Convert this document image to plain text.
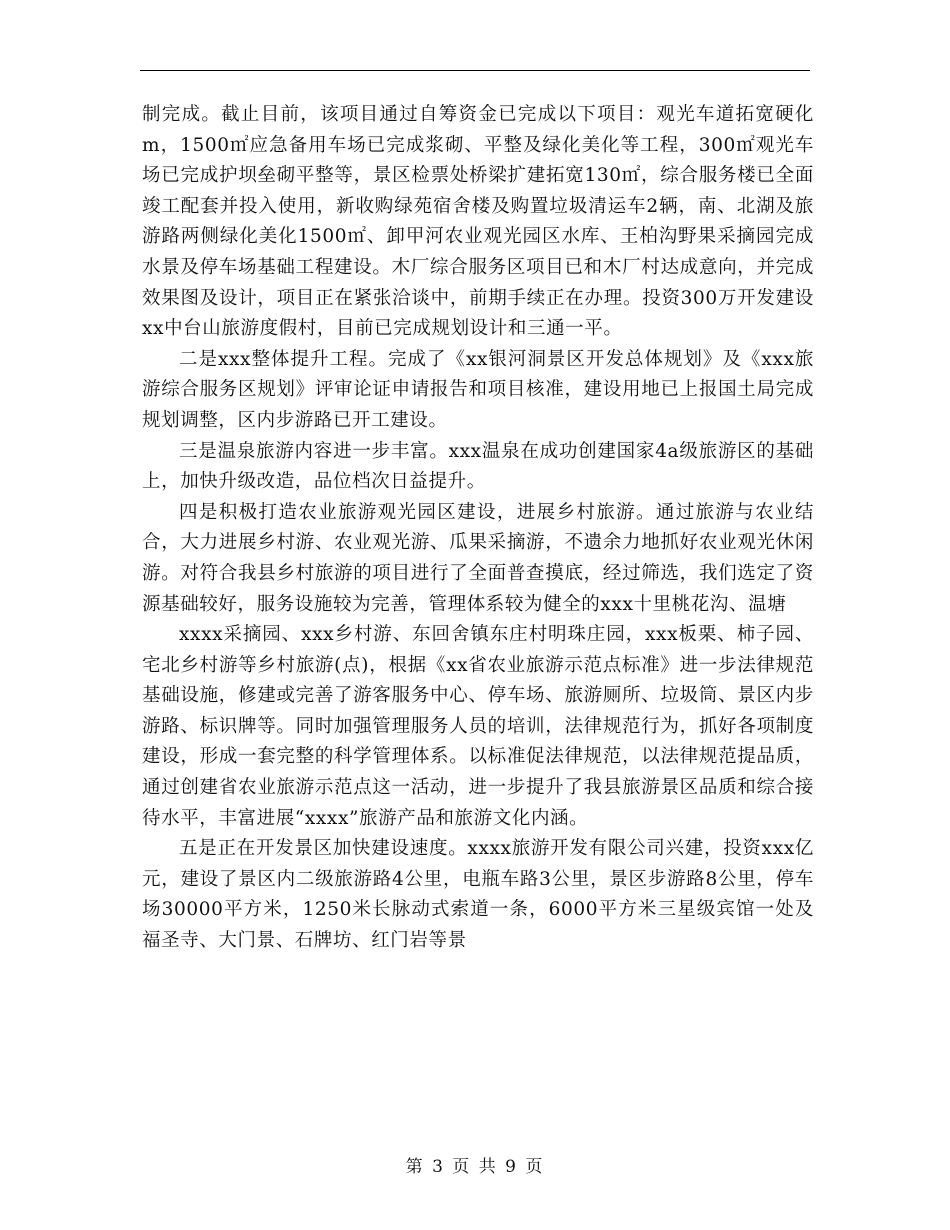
制完成。截止目前，该项目通过自筹资金已完成以下项目：观光车道拓宽硬化m，1500㎡应急备用车场已完成浆砌、平整及绿化美化等工程，300㎡观光车场已完成护坝垒砌平整等，景区检票处桥梁扩建拓宽130㎡，综合服务楼已全面竣工配套并投入使用，新收购绿苑宿舍楼及购置垃圾清运车2辆，南、北湖及旅游路两侧绿化美化1500㎡、卸甲河农业观光园区水库、王柏沟野果采摘园完成水景及停车场基础工程建设。木厂综合服务区项目已和木厂村达成意向，并完成效果图及设计，项目正在紧张洽谈中，前期手续正在办理。投资300万开发建设xx中台山旅游度假村，目前已完成规划设计和三通一平。

二是xxx整体提升工程。完成了《xx银河洞景区开发总体规划》及《xxx旅游综合服务区规划》评审论证申请报告和项目核准，建设用地已上报国土局完成规划调整，区内步游路已开工建设。

三是温泉旅游内容进一步丰富。xxx温泉在成功创建国家4a级旅游区的基础上，加快升级改造，品位档次日益提升。

四是积极打造农业旅游观光园区建设，进展乡村旅游。通过旅游与农业结合，大力进展乡村游、农业观光游、瓜果采摘游，不遗余力地抓好农业观光休闲游。对符合我县乡村旅游的项目进行了全面普查摸底，经过筛选，我们选定了资源基础较好，服务设施较为完善，管理体系较为健全的xxx十里桃花沟、温塘

xxxx采摘园、xxx乡村游、东回舍镇东庄村明珠庄园，xxx板栗、柿子园、宅北乡村游等乡村旅游(点)，根据《xx省农业旅游示范点标准》进一步法律规范基础设施，修建或完善了游客服务中心、停车场、旅游厕所、垃圾筒、景区内步游路、标识牌等。同时加强管理服务人员的培训，法律规范行为，抓好各项制度建设，形成一套完整的科学管理体系。以标准促法律规范，以法律规范提品质，通过创建省农业旅游示范点这一活动，进一步提升了我县旅游景区品质和综合接待水平，丰富进展“xxxx”旅游产品和旅游文化内涵。

五是正在开发景区加快建设速度。xxxx旅游开发有限公司兴建，投资xxx亿元，建设了景区内二级旅游路4公里，电瓶车路3公里，景区步游路8公里，停车场30000平方米，1250米长脉动式索道一条，6000平方米三星级宾馆一处及福圣寺、大门景、石牌坊、红门岩等景

第 3 页 共 9 页
